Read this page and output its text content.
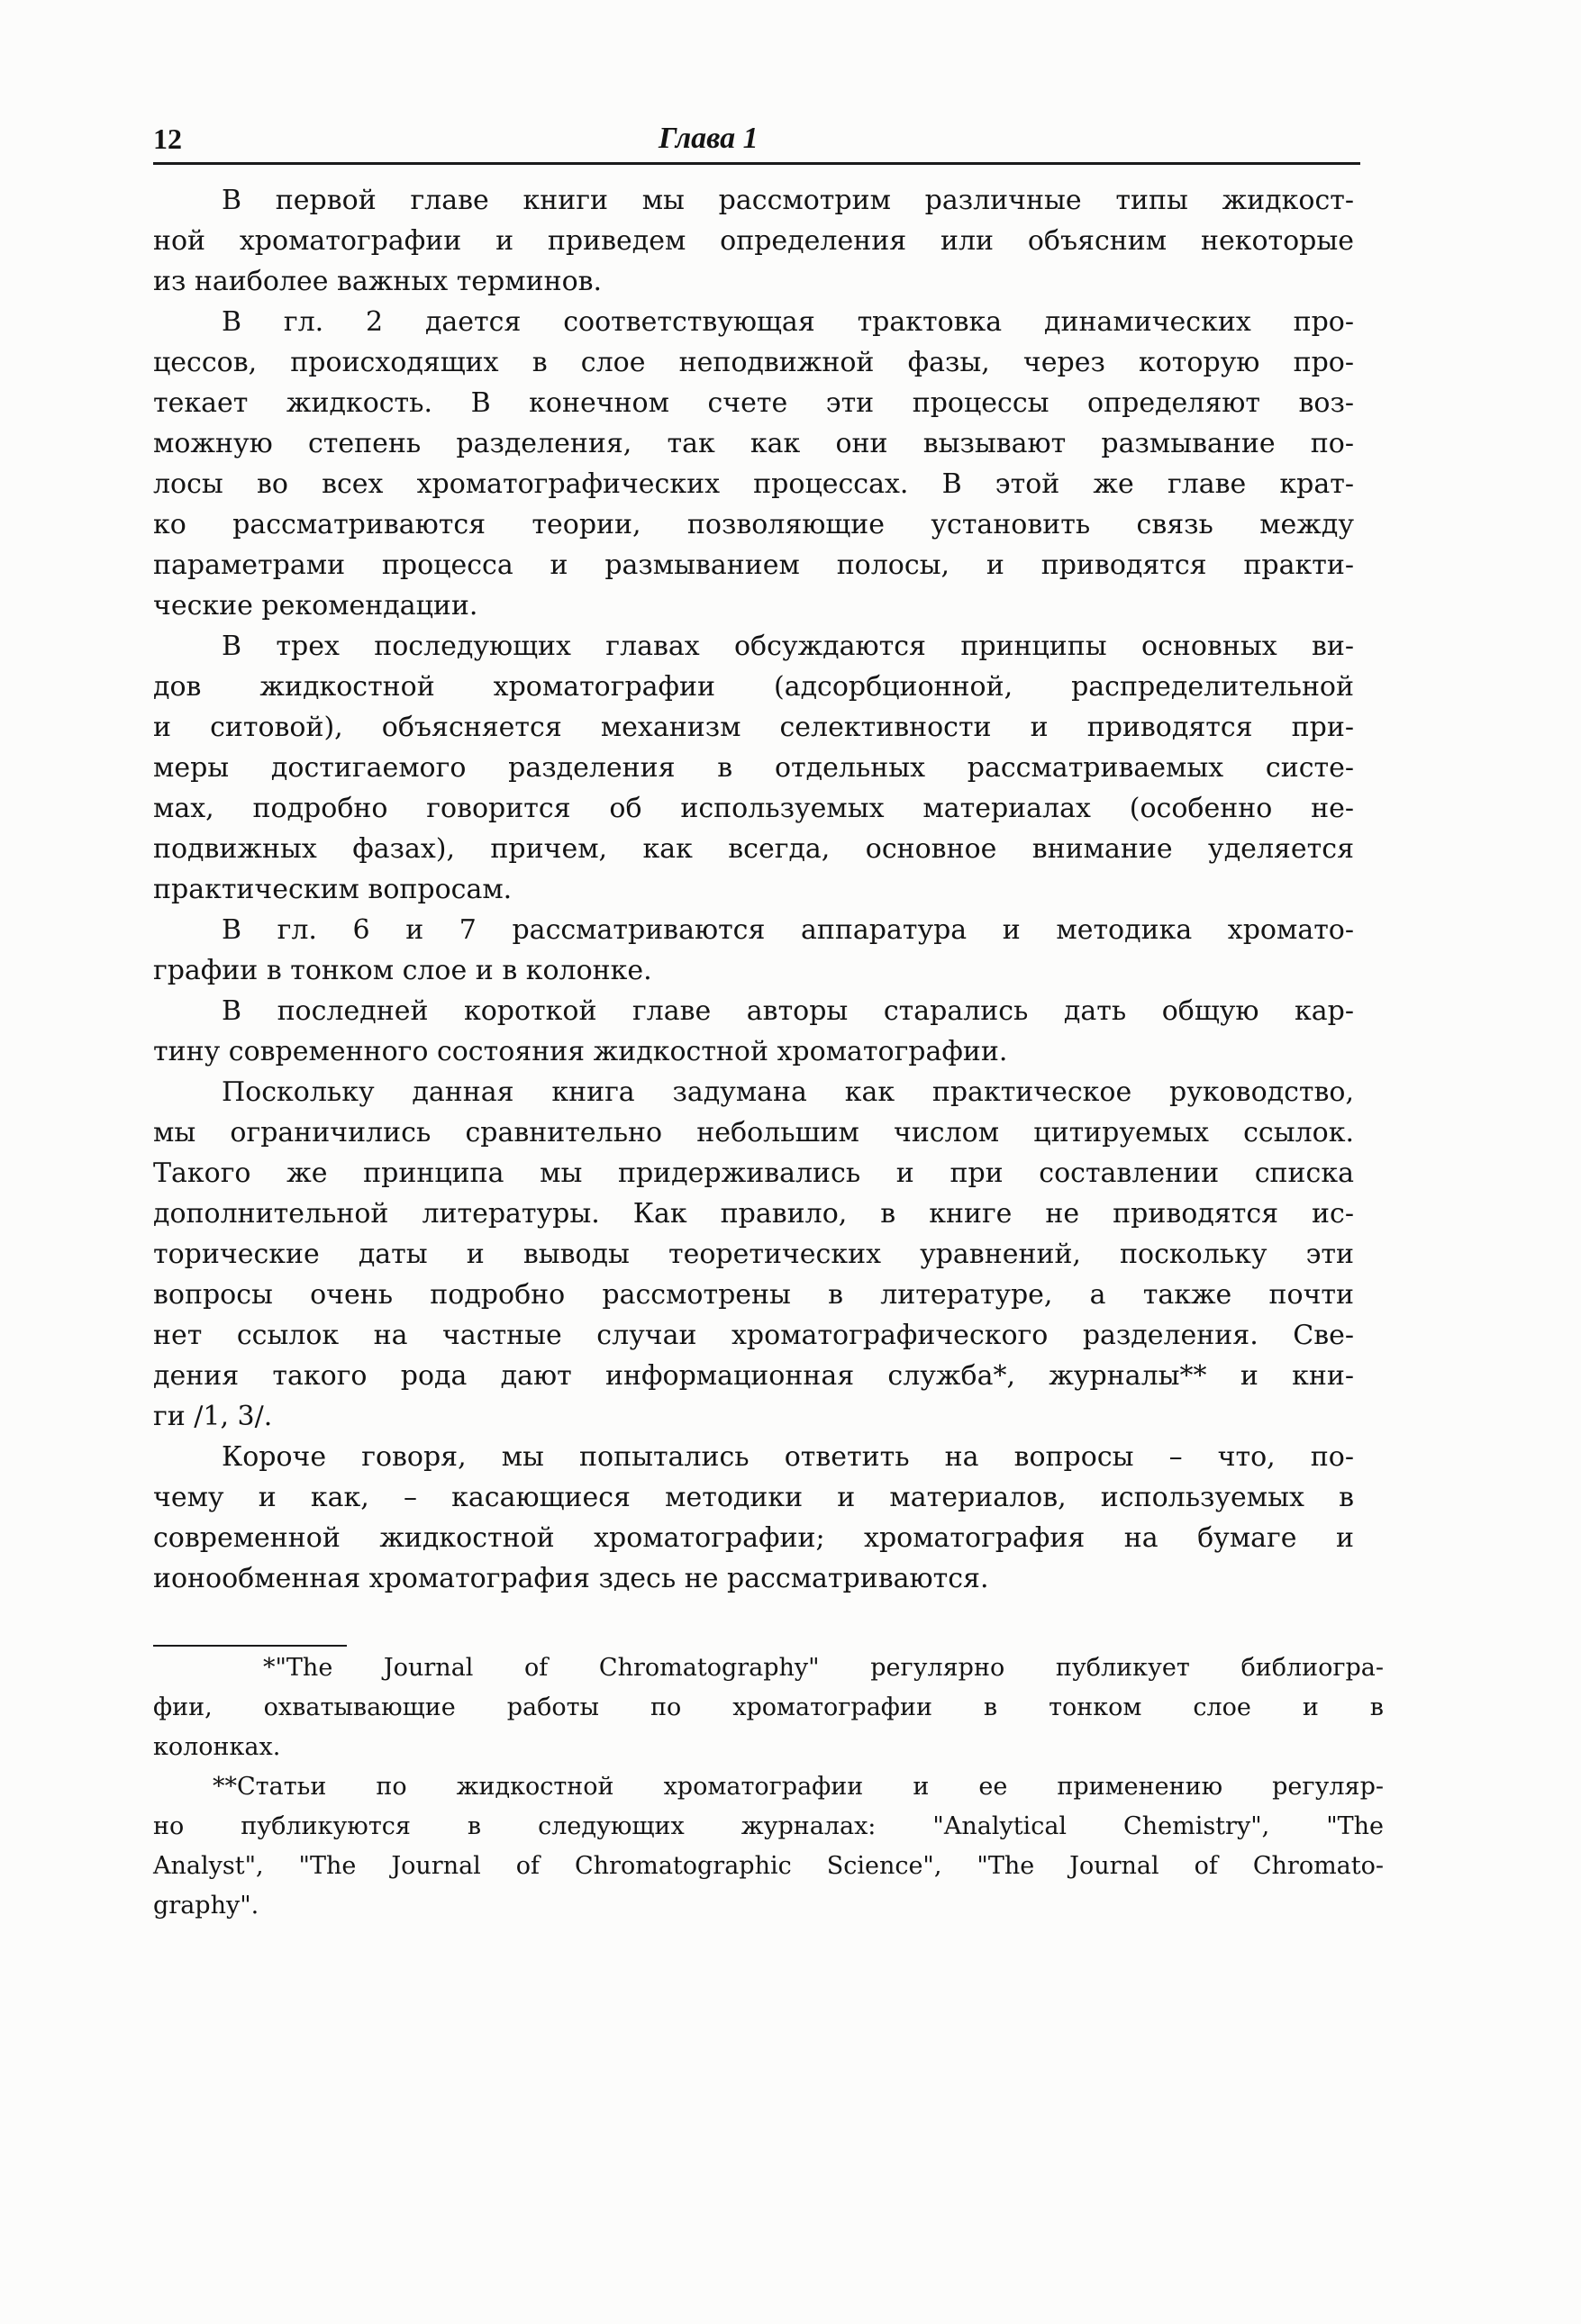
12	Глава 1
В первой главе книги мы рассмотрим различные типы жидкост-
ной хроматографии и приведем определения или объясним некоторые
из наиболее важных терминов.
В гл. 2 дается соответствующая трактовка динамических про-
цессов, происходящих в слое неподвижной фазы, через которую про-
текает жидкость. В конечном счете эти процессы определяют воз-
можную степень разделения, так как они вызывают размывание по-
лосы во всех хроматографических процессах. В этой же главе крат-
ко рассматриваются теории, позволяющие установить связь между
параметрами процесса и размыванием полосы, и приводятся практи-
ческие рекомендации.
В трех последующих главах обсуждаются принципы основных ви-
дов жидкостной хроматографии (адсорбционной, распределительной
и ситовой), объясняется механизм селективности и приводятся при-
меры достигаемого разделения в отдельных рассматриваемых систе-
мах, подробно говорится об используемых материалах (особенно не-
подвижных фазах), причем, как всегда, основное внимание уделяется
практическим вопросам.
В гл. 6 и 7 рассматриваются аппаратура и методика хромато-
графии в тонком слое и в колонке.
В последней короткой главе авторы старались дать общую кар-
тину современного состояния жидкостной хроматографии.
Поскольку данная книга задумана как практическое руководство,
мы ограничились сравнительно небольшим числом цитируемых ссылок.
Такого же принципа мы придерживались и при составлении списка
дополнительной литературы. Как правило, в книге не приводятся ис-
торические даты и выводы теоретических уравнений, поскольку эти
вопросы очень подробно рассмотрены в литературе, а также почти
нет ссылок на частные случаи хроматографического разделения. Све-
дения такого рода дают информационная служба*, журналы** и кни-
ги /1, 3/.
Короче говоря, мы попытались ответить на вопросы – что, по-
чему и как, – касающиеся методики и материалов, используемых в
современной жидкостной хроматографии; хроматография на бумаге и
ионообменная хроматография здесь не рассматриваются.
*"The Journal of Chromatography" регулярно публикует библиогра-
фии, охватывающие работы по хроматографии в тонком слое и в
колонках.
**Статьи по жидкостной хроматографии и ее применению регуляр-
но публикуются в следующих журналах: "Analytical Chemistry", "The
Analyst", "The Journal of Chromatographic Science", "The Journal of Chromato-
graphy".
